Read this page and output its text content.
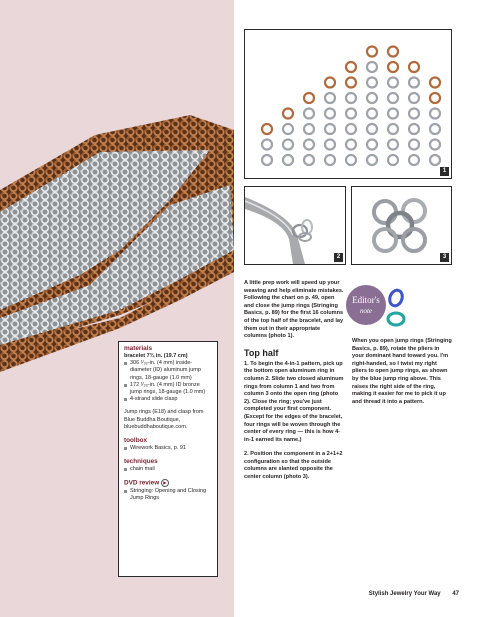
1
2	3
materials
bracelet 7¾ in. (19.7 cm)
306 ¹⁄₃₂-in. (4 mm) inside-diameter (ID) aluminum jump rings, 18-gauge (1.0 mm)
172 ¹⁄₃₂-in. (4 mm) ID bronze jump rings, 18-gauge (1.0 mm)
4-strand slide clasp
Jump rings (E18) and clasp from Blue Buddha Boutique, bluebuddhaboutique.com.
toolbox
Wirework Basics, p. 91
techniques
chain mail
DVD review ▶
Stringing: Opening and Closing Jump Rings

A little prep work will speed up your weaving and help eliminate mistakes. Following the chart on p. 49, open and close the jump rings (Stringing Basics, p. 89) for the first 16 columns of the top half of the bracelet, and lay them out in their appropriate columns (photo 1).

Top half

1. To begin the 4-in-1 pattern, pick up the bottom open aluminum ring in column 2. Slide two closed aluminum rings from column 1 and two from column 3 onto the open ring (photo 2). Close the ring; you've just completed your first component. (Except for the edges of the bracelet, four rings will be woven through the center of every ring — this is how 4-in-1 earned its name.)

2. Position the component in a 2+1+2 configuration so that the outside columns are slanted opposite the center column (photo 3).

Editor's
note
When you open jump rings (Stringing Basics, p. 89), rotate the pliers in your dominant hand toward you. I'm right-handed, so I twist my right pliers to open jump rings, as shown by the blue jump ring above. This raises the right side of the ring, making it easier for me to pick it up and thread it into a pattern.
Stylish Jewelry Your Way 47
